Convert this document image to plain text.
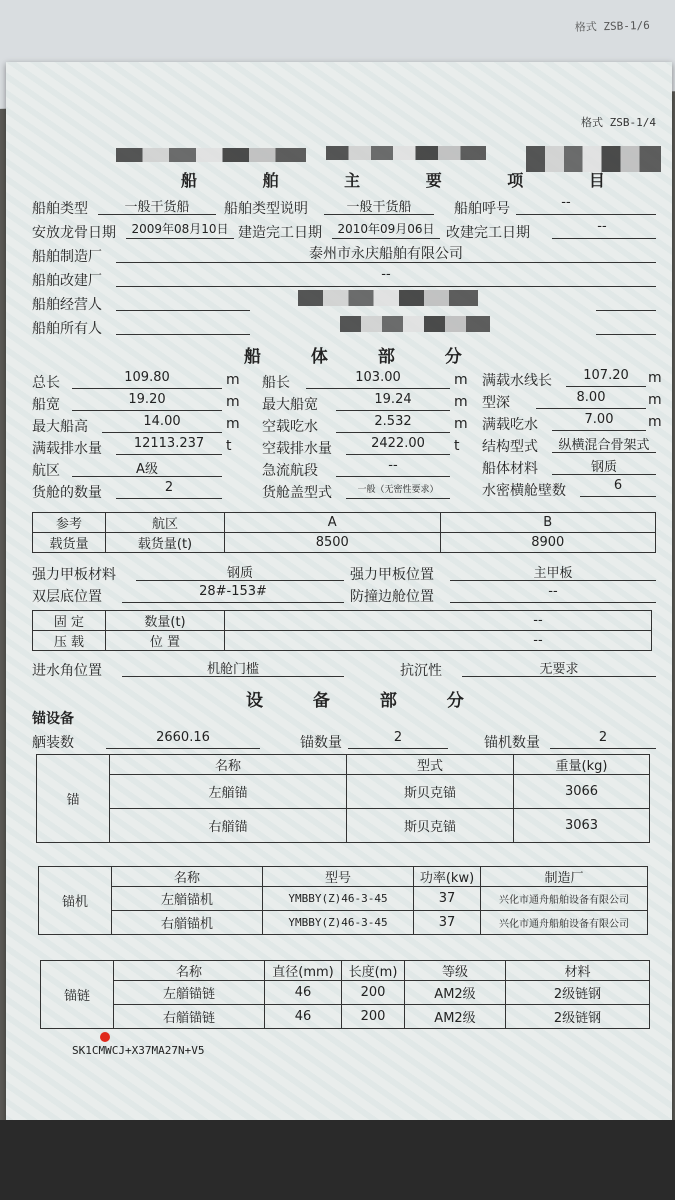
格式 ZSB-1/6
格式 ZSB-1/4
船 舶 主 要 项 目
船舶类型	一般干货船	船舶类型说明	一般干货船	船舶呼号	--
安放龙骨日期	2009年08月10日 建造完工日期	2010年09月06日 改建完工日期	--
船舶制造厂	泰州市永庆船舶有限公司
船舶改建厂	--
船舶经营人
船舶所有人
船 体 部 分
总长	109.80	m 船长	103.00	m 满载水线长	107.20	m
船宽	19.20	m 最大船宽	19.24	m 型深	8.00	m
最大船高	14.00	m 空载吃水	2.532	m 满载吃水	7.00	m
满载排水量	12113.237	t 空载排水量	2422.00	t 结构型式	纵横混合骨架式
航区	A级	急流航段	--	船体材料	钢质
货舱的数量	2	货舱盖型式	一般（无密性要求）	水密横舱壁数	6
参考	航区	A	B
载货量	载货量(t)	8500	8900
强力甲板材料	钢质	强力甲板位置	主甲板
双层底位置	28#-153#	防撞边舱位置	--
固 定	数量(t)	--
压 载	位 置	--
进水角位置	机舱门槛	抗沉性	无要求
设 备 部 分
锚设备
舾装数	2660.16	锚数量	2	锚机数量	2
锚	名称	型式	重量(kg)
	左艏锚	斯贝克锚	3066
	右艏锚	斯贝克锚	3063
锚机	名称	型号	功率(kw)	制造厂
	左艏锚机	YMBBY(Z)46-3-45	37	兴化市通舟船舶设备有限公司
	右艏锚机	YMBBY(Z)46-3-45	37	兴化市通舟船舶设备有限公司
锚链	名称	直径(mm)	长度(m)	等级	材料
	左艏锚链	46	200	AM2级	2级链钢
	右艏锚链	46	200	AM2级	2级链钢
SK1CMWCJ+X37MA27N+V5
